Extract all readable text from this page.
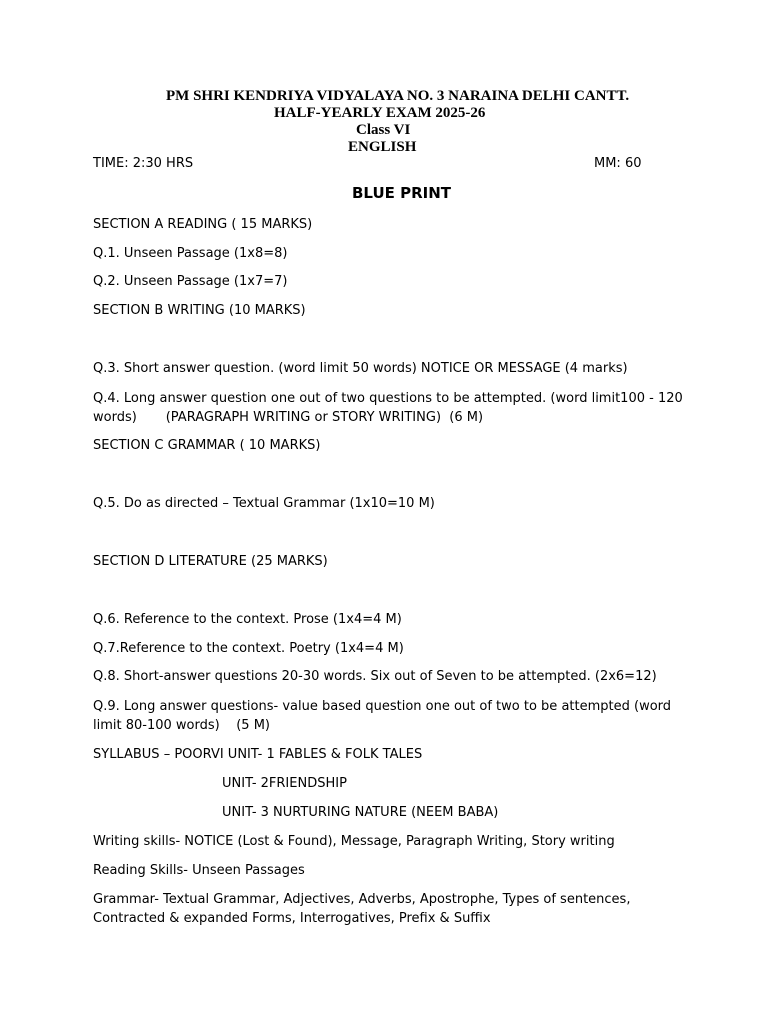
PM SHRI KENDRIYA VIDYALAYA NO. 3 NARAINA DELHI CANTT.
HALF-YEARLY EXAM 2025-26
Class VI
ENGLISH
TIME: 2:30 HRS	MM: 60
BLUE PRINT
SECTION A READING ( 15 MARKS)
Q.1. Unseen Passage (1x8=8)
Q.2. Unseen Passage (1x7=7)
SECTION B WRITING (10 MARKS)
Q.3. Short answer question. (word limit 50 words) NOTICE OR MESSAGE (4 marks)
Q.4. Long answer question one out of two questions to be attempted. (word limit100 - 120
words)       (PARAGRAPH WRITING or STORY WRITING)  (6 M)
SECTION C GRAMMAR ( 10 MARKS)
Q.5. Do as directed – Textual Grammar (1x10=10 M)
SECTION D LITERATURE (25 MARKS)
Q.6. Reference to the context. Prose (1x4=4 M)
Q.7.Reference to the context. Poetry (1x4=4 M)
Q.8. Short-answer questions 20-30 words. Six out of Seven to be attempted. (2x6=12)
Q.9. Long answer questions- value based question one out of two to be attempted (word
limit 80-100 words)    (5 M)
SYLLABUS – POORVI UNIT- 1 FABLES & FOLK TALES
UNIT- 2FRIENDSHIP
UNIT- 3 NURTURING NATURE (NEEM BABA)
Writing skills- NOTICE (Lost & Found), Message, Paragraph Writing, Story writing
Reading Skills- Unseen Passages
Grammar- Textual Grammar, Adjectives, Adverbs, Apostrophe, Types of sentences,
Contracted & expanded Forms, Interrogatives, Prefix & Suffix
